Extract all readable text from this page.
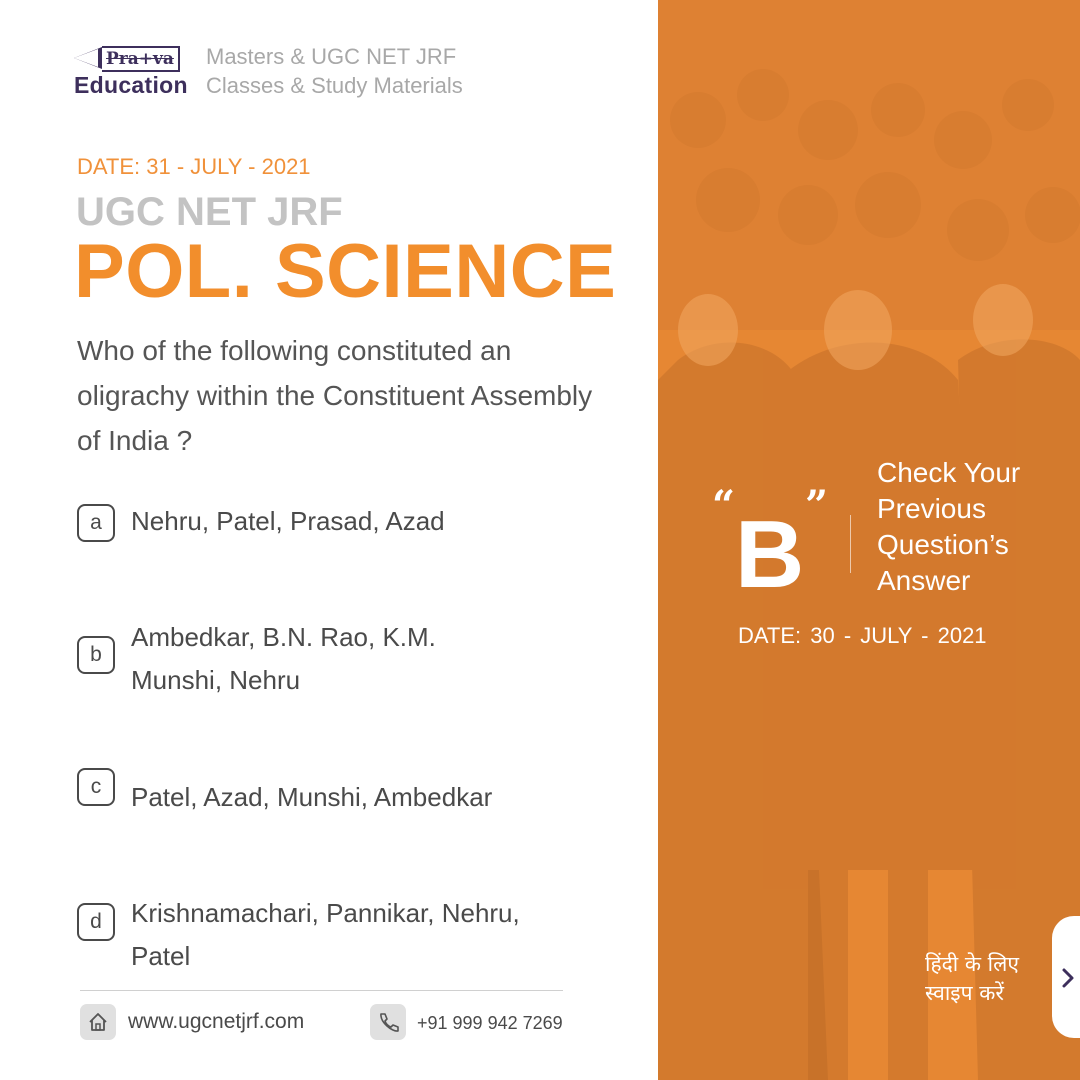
Pra+va
Education
Masters & UGC NET JRF
Classes & Study Materials
DATE: 31 - JULY - 2021
UGC NET JRF
POL. SCIENCE
Who of the following constituted an oligrachy within the Constituent Assembly of India ?
a	Nehru, Patel, Prasad, Azad
b
Ambedkar, B.N. Rao, K.M. Munshi, Nehru
c	Patel, Azad, Munshi, Ambedkar
d	Krishnamachari, Pannikar, Nehru, Patel
www.ugcnetjrf.com	+91 999 942 7269
“ B ”
Check Your Previous Question’s Answer
DATE: 30 - JULY - 2021
हिंदी के लिए स्वाइप करें
